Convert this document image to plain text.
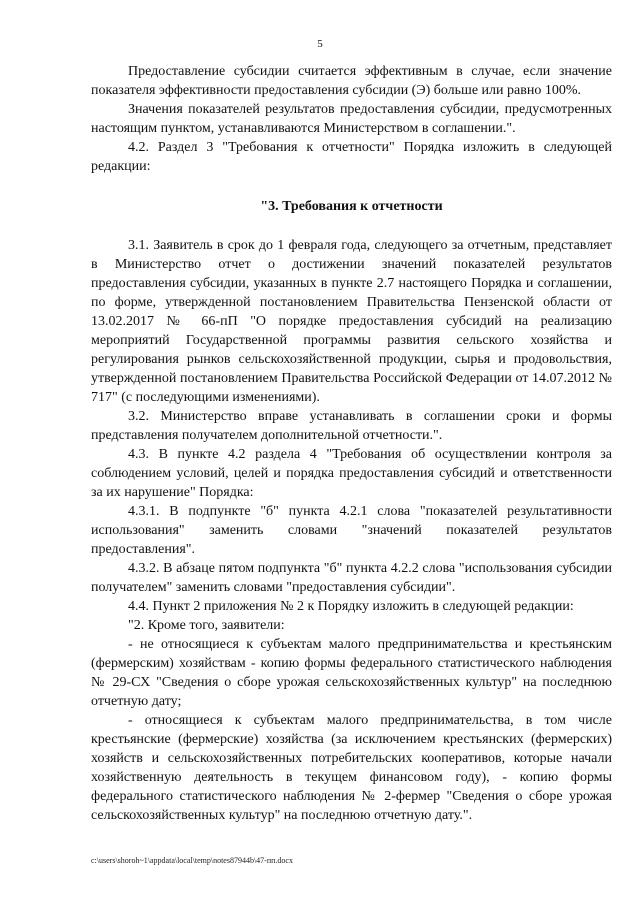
5

Предоставление субсидии считается эффективным в случае, если значение показателя эффективности предоставления субсидии (Э) больше или равно 100%.

Значения показателей результатов предоставления субсидии, предусмотренных настоящим пунктом, устанавливаются Министерством в соглашении.".

4.2. Раздел 3 "Требования к отчетности" Порядка изложить в следующей редакции:

"3. Требования к отчетности

3.1. Заявитель в срок до 1 февраля года, следующего за отчетным, представляет в Министерство отчет о достижении значений показателей результатов предоставления субсидии, указанных в пункте 2.7 настоящего Порядка и соглашении, по форме, утвержденной постановлением Правительства Пензенской области от 13.02.2017 № 66-пП "О порядке предоставления субсидий на реализацию мероприятий Государственной программы развития сельского хозяйства и регулирования рынков сельскохозяйственной продукции, сырья и продовольствия, утвержденной постановлением Правительства Российской Федерации от 14.07.2012 № 717" (с последующими изменениями).

3.2. Министерство вправе устанавливать в соглашении сроки и формы представления получателем дополнительной отчетности.".

4.3. В пункте 4.2 раздела 4 "Требования об осуществлении контроля за соблюдением условий, целей и порядка предоставления субсидий и ответственности за их нарушение" Порядка:

4.3.1. В подпункте "б" пункта 4.2.1 слова "показателей результативности использования" заменить словами "значений показателей результатов предоставления".

4.3.2. В абзаце пятом подпункта "б" пункта 4.2.2 слова "использования субсидии получателем" заменить словами "предоставления субсидии".

4.4. Пункт 2 приложения № 2 к Порядку изложить в следующей редакции:

"2. Кроме того, заявители:

- не относящиеся к субъектам малого предпринимательства и крестьянским (фермерским) хозяйствам - копию формы федерального статистического наблюдения № 29-СХ "Сведения о сборе урожая сельскохозяйственных культур" на последнюю отчетную дату;

- относящиеся к субъектам малого предпринимательства, в том числе крестьянские (фермерские) хозяйства (за исключением крестьянских (фермерских) хозяйств и сельскохозяйственных потребительских кооперативов, которые начали хозяйственную деятельность в текущем финансовом году), - копию формы федерального статистического наблюдения № 2-фермер "Сведения о сборе урожая сельскохозяйственных культур" на последнюю отчетную дату.".

c:\users\shoroh~1\appdata\local\temp\notes87944b\47-пп.docx
